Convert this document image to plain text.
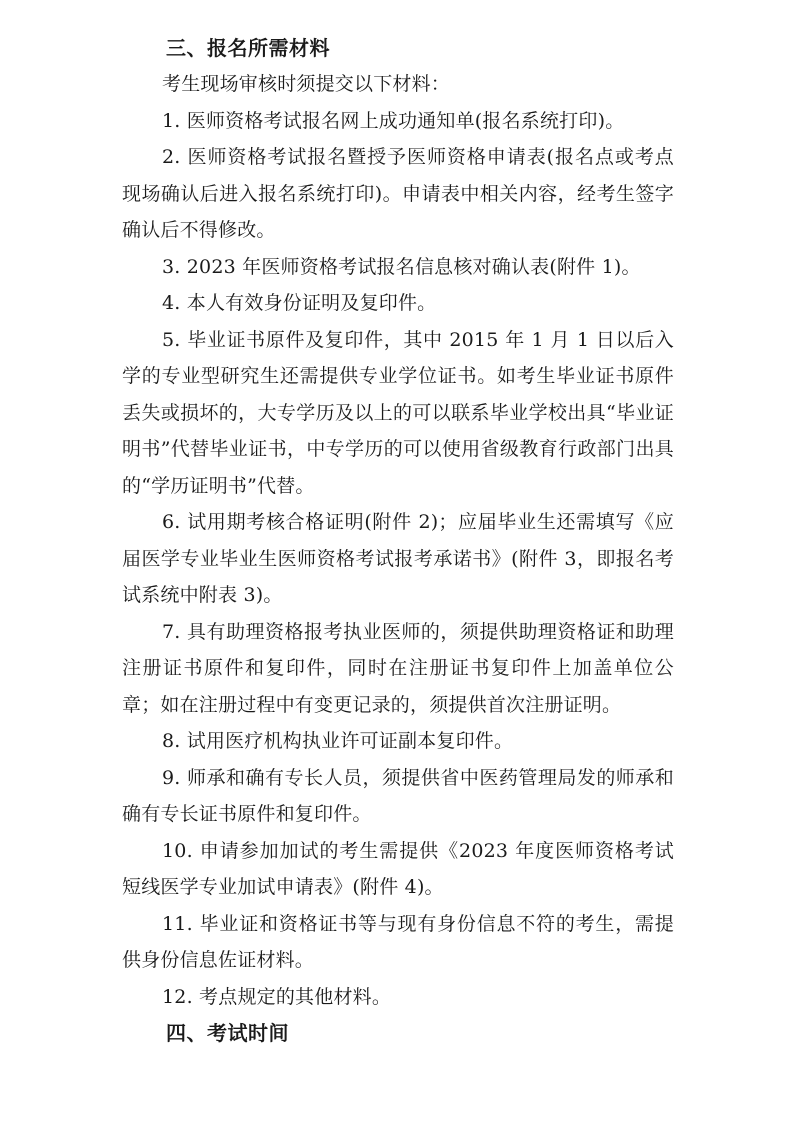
三、报名所需材料

考生现场审核时须提交以下材料：

1. 医师资格考试报名网上成功通知单(报名系统打印)。

2. 医师资格考试报名暨授予医师资格申请表(报名点或考点现场确认后进入报名系统打印)。申请表中相关内容，经考生签字确认后不得修改。

3. 2023 年医师资格考试报名信息核对确认表(附件 1)。

4. 本人有效身份证明及复印件。

5. 毕业证书原件及复印件，其中 2015 年 1 月 1 日以后入学的专业型研究生还需提供专业学位证书。如考生毕业证书原件丢失或损坏的，大专学历及以上的可以联系毕业学校出具“毕业证明书”代替毕业证书，中专学历的可以使用省级教育行政部门出具的“学历证明书”代替。

6. 试用期考核合格证明(附件 2)；应届毕业生还需填写《应届医学专业毕业生医师资格考试报考承诺书》(附件 3，即报名考试系统中附表 3)。

7. 具有助理资格报考执业医师的，须提供助理资格证和助理注册证书原件和复印件，同时在注册证书复印件上加盖单位公章；如在注册过程中有变更记录的，须提供首次注册证明。

8. 试用医疗机构执业许可证副本复印件。

9. 师承和确有专长人员，须提供省中医药管理局发的师承和确有专长证书原件和复印件。

10. 申请参加加试的考生需提供《2023 年度医师资格考试短线医学专业加试申请表》(附件 4)。

11. 毕业证和资格证书等与现有身份信息不符的考生，需提供身份信息佐证材料。

12. 考点规定的其他材料。

四、考试时间
